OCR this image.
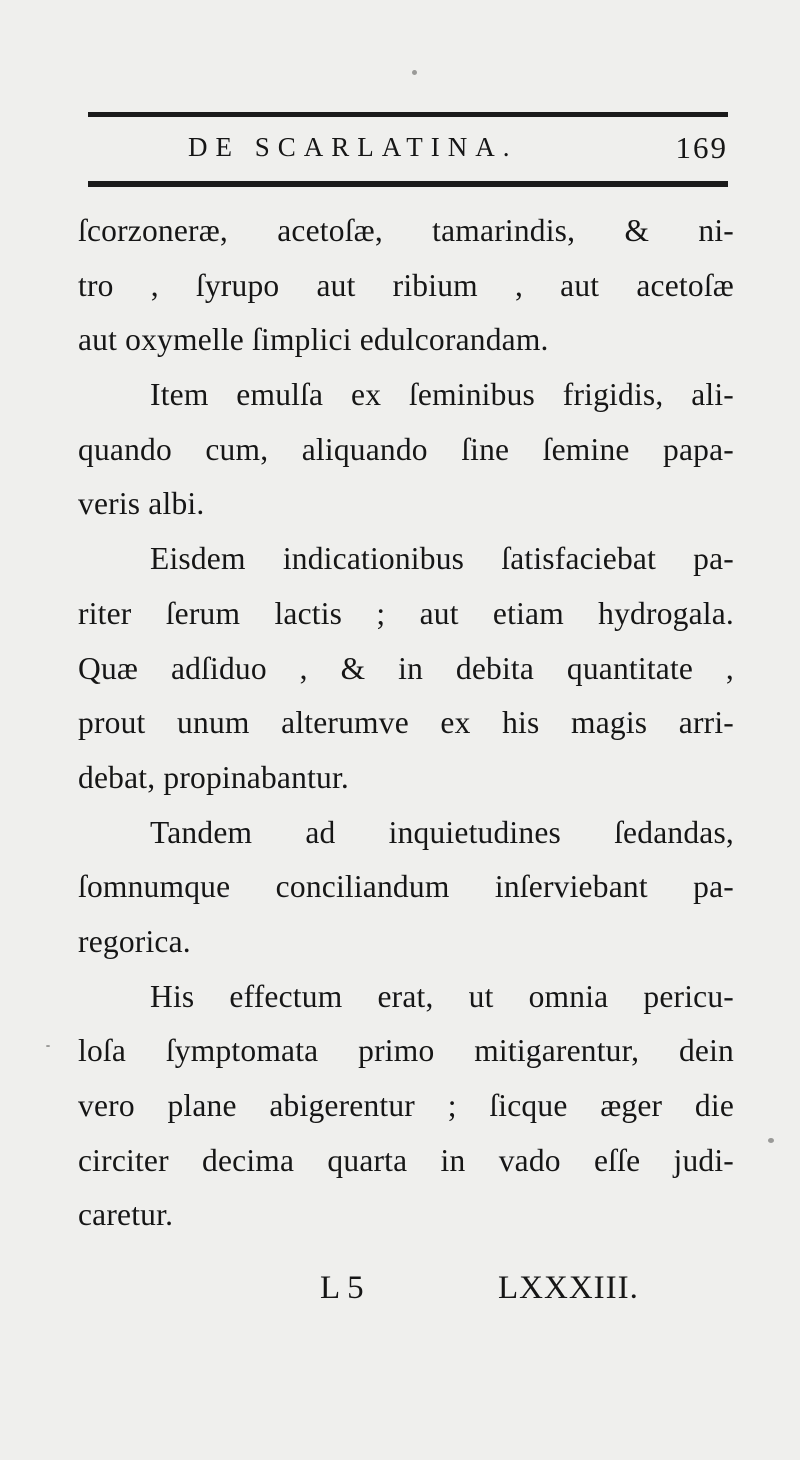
DE SCARLATINA.	169
ſcorzoneræ, acetoſæ, tamarindis, & ni-
tro , ſyrupo aut ribium , aut acetoſæ
aut oxymelle ſimplici edulcorandam.
Item emulſa ex ſeminibus frigidis, ali-
quando cum, aliquando ſine ſemine papa-
veris albi.
Eisdem indicationibus ſatisfaciebat pa-
riter ſerum lactis ; aut etiam hydrogala.
Quæ adſiduo , & in debita quantitate ,
prout unum alterumve ex his magis arri-
debat, propinabantur.
Tandem ad inquietudines ſedandas,
ſomnumque conciliandum inſerviebant pa-
regorica.
His effectum erat, ut omnia pericu-
loſa ſymptomata primo mitigarentur, dein
vero plane abigerentur ; ſicque æger die
circiter decima quarta in vado eſſe judi-
caretur.
L 5	LXXXIII.
